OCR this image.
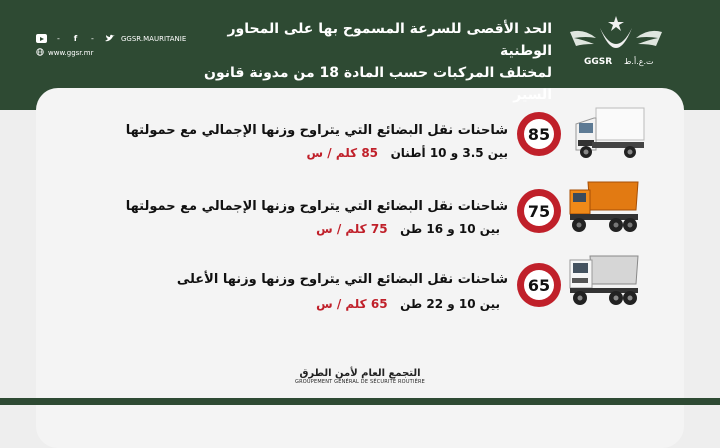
-	f	-	GGSR.MAURITANIE
www.ggsr.mr
الحد الأقصى للسرعة المسموح بها على المحاور الوطنية
لمختلف المركبات حسب المادة 18 من مدونة قانون السير
GGSR ت.ع.أ.ط
85
شاحنات نقل البضائع التي يتراوح وزنها الإجمالي مع حمولتها
بين 3.5 و 10 أطنان   85 كلم / س
75
شاحنات نقل البضائع التي يتراوح وزنها الإجمالي مع حمولتها
بين 10 و 16 طن   75 كلم / س
65
شاحنات نقل البضائع التي يتراوح وزنها وزنها الأعلى
بين 10 و 22 طن   65 كلم / س
التجمع العام لأمن الطرق
GROUPEMENT GÉNÉRAL DE SÉCURITÉ ROUTIÈRE
